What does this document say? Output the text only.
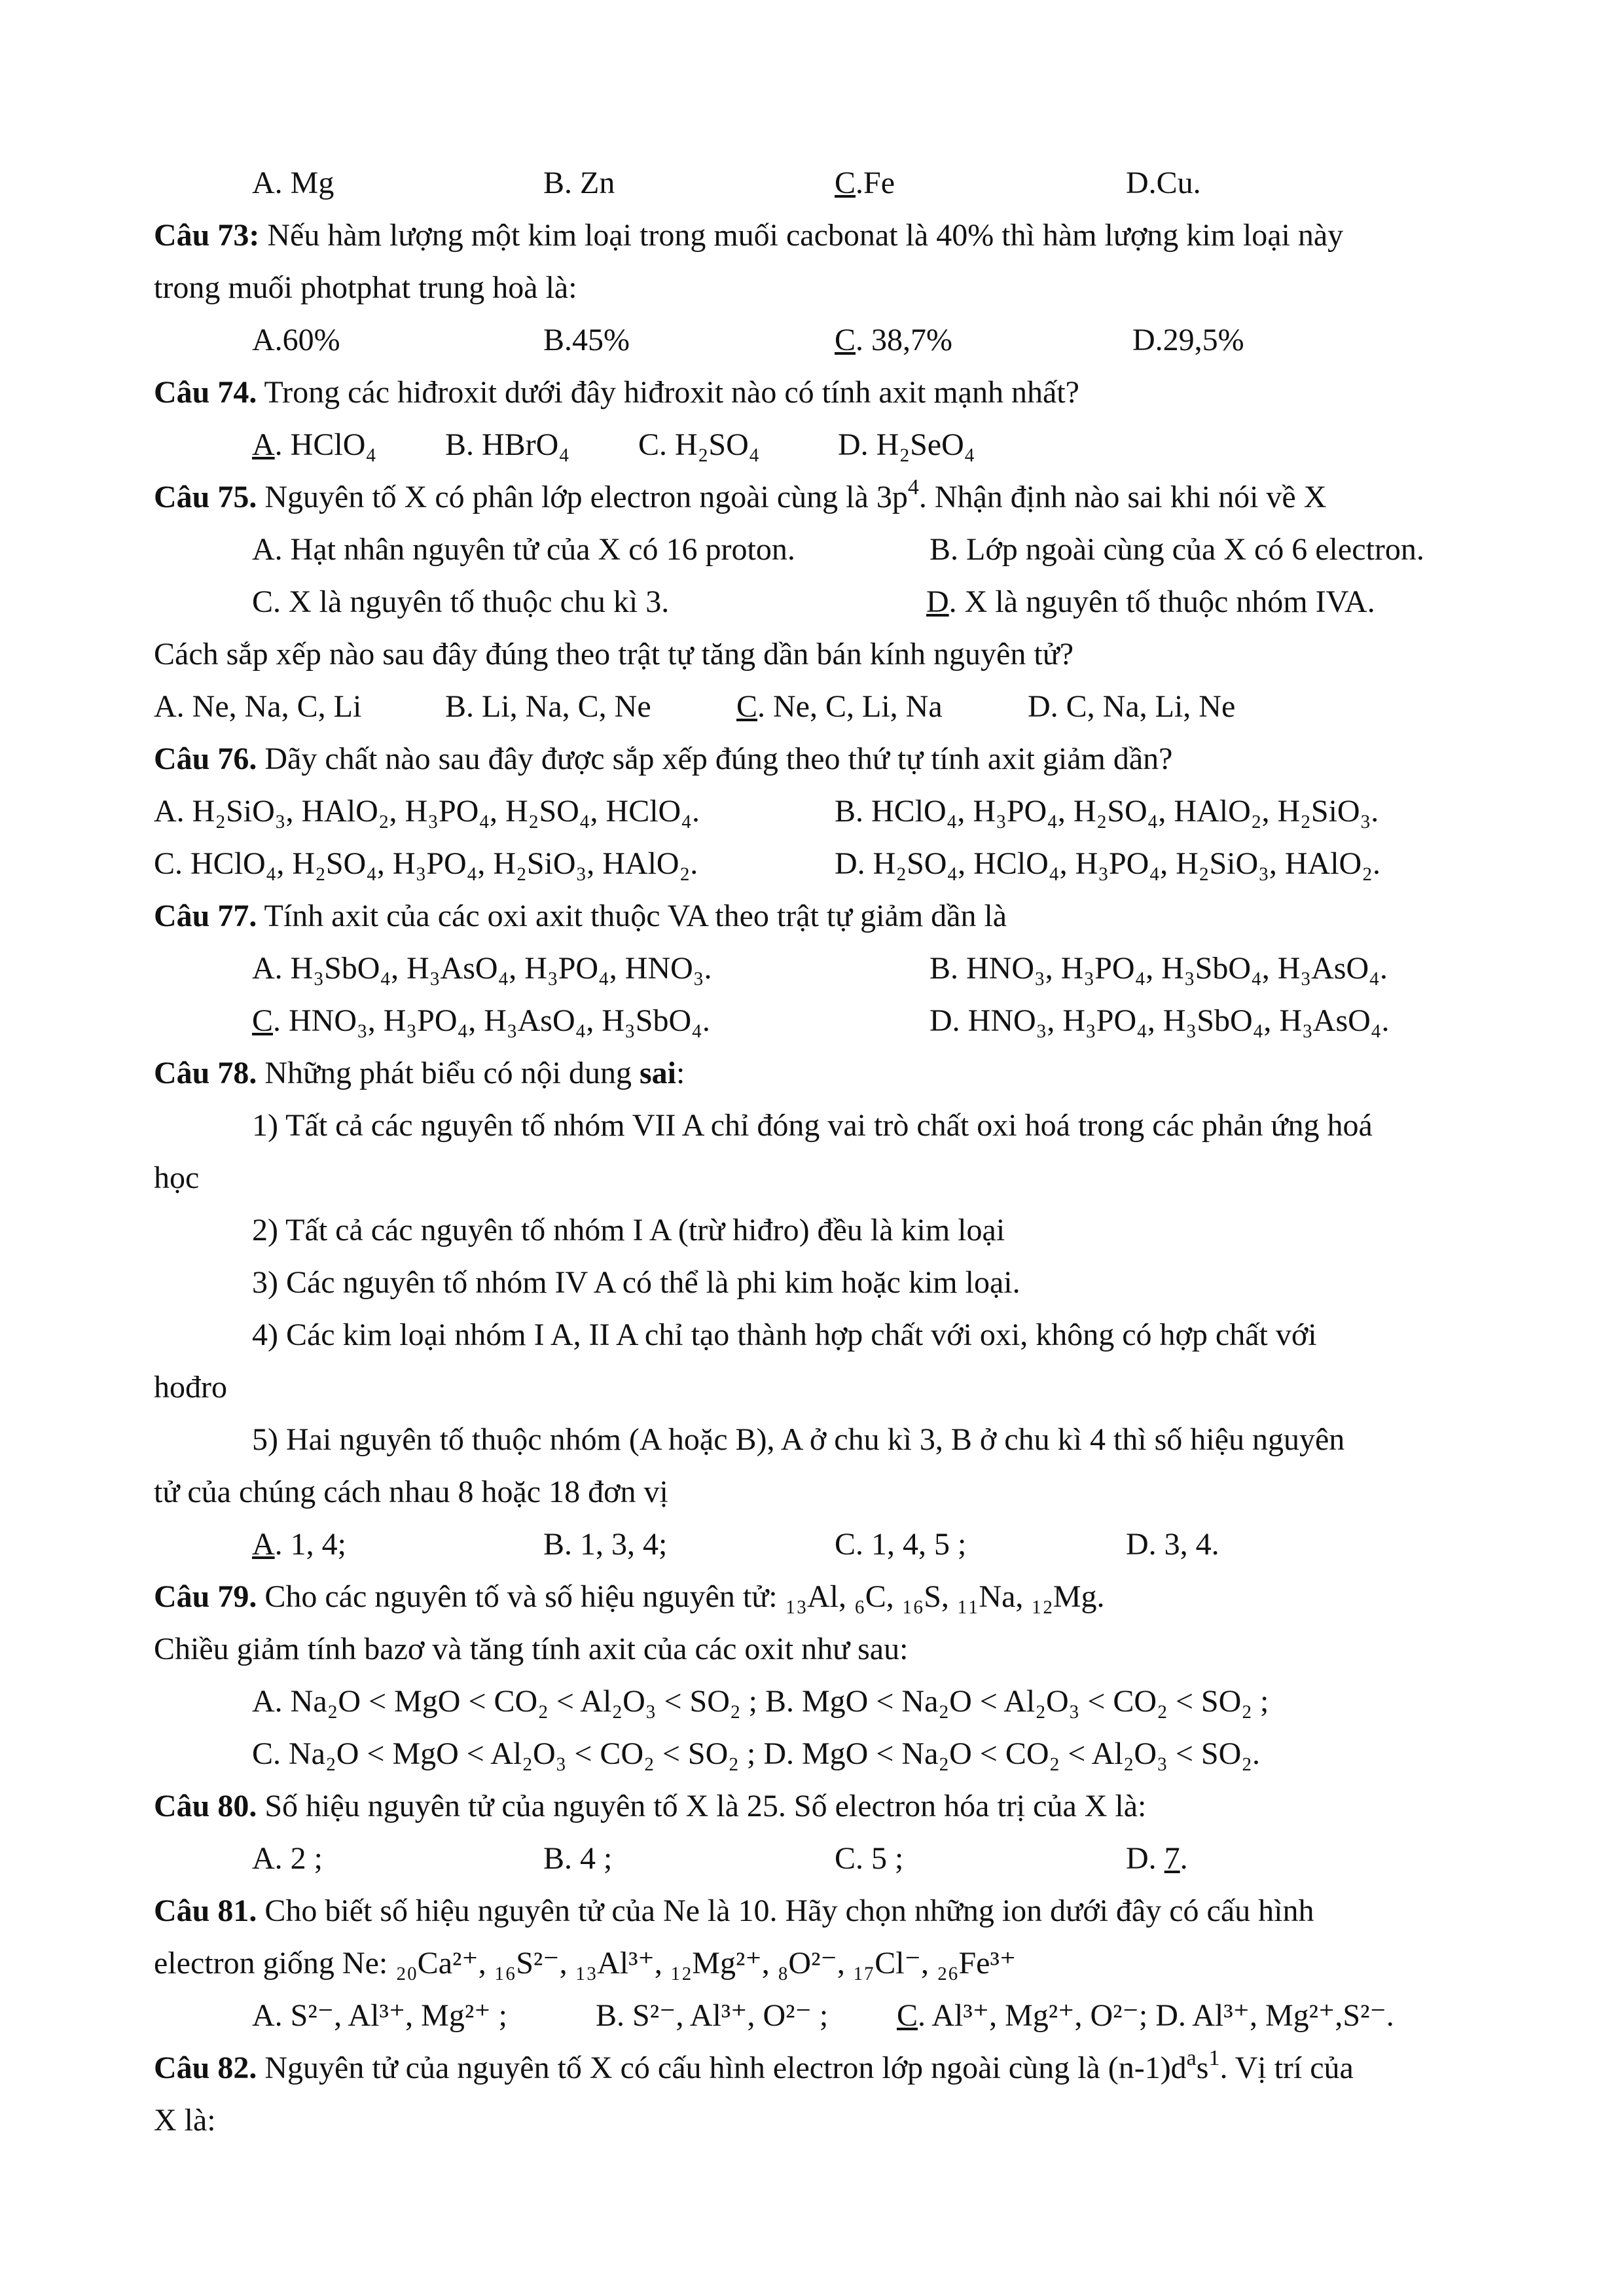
A. Mg	B. Zn	C.Fe	D.Cu.
Câu 73: Nếu hàm lượng một kim loại trong muối cacbonat là 40% thì hàm lượng kim loại này
trong muối photphat trung hoà là:
A.60%	B.45%	C. 38,7%	D.29,5%
Câu 74. Trong các hiđroxit dưới đây hiđroxit nào có tính axit mạnh nhất?
A. HClO₄ B. HBrO₄ C. H₂SO₄ D. H₂SeO₄
Câu 75. Nguyên tố X có phân lớp electron ngoài cùng là $3p^4$. Nhận định nào sai khi nói về X
A. Hạt nhân nguyên tử của X có 16 proton.	B. Lớp ngoài cùng của X có 6 electron.
C. X là nguyên tố thuộc chu kì 3.	D. X là nguyên tố thuộc nhóm IVA.
Cách sắp xếp nào sau đây đúng theo trật tự tăng dần bán kính nguyên tử?
A. Ne, Na, C, Li	B. Li, Na, C, Ne	C. Ne, C, Li, Na	D. C, Na, Li, Ne
Câu 76. Dãy chất nào sau đây được sắp xếp đúng theo thứ tự tính axit giảm dần?
A. H₂SiO₃, HAlO₂, H₃PO₄, H₂SO₄, HClO₄.	B. HClO₄, H₃PO₄, H₂SO₄, HAlO₂, H₂SiO₃.
C. HClO₄, H₂SO₄, H₃PO₄, H₂SiO₃, HAlO₂.	D. H₂SO₄, HClO₄, H₃PO₄, H₂SiO₃, HAlO₂.
Câu 77. Tính axit của các oxi axit thuộc VA theo trật tự giảm dần là
A. H₃SbO₄, H₃AsO₄, H₃PO₄, HNO₃.	B. HNO₃, H₃PO₄, H₃SbO₄, H₃AsO₄.
C. HNO₃, H₃PO₄, H₃AsO₄, H₃SbO₄.	D. HNO₃, H₃PO₄, H₃SbO₄, H₃AsO₄.
Câu 78. Những phát biểu có nội dung sai:
1) Tất cả các nguyên tố nhóm VII A chỉ đóng vai trò chất oxi hoá trong các phản ứng hoá
học
2) Tất cả các nguyên tố nhóm I A (trừ hiđro) đều là kim loại
3) Các nguyên tố nhóm IV A có thể là phi kim hoặc kim loại.
4) Các kim loại nhóm I A, II A chỉ tạo thành hợp chất với oxi, không có hợp chất với
hođro
5) Hai nguyên tố thuộc nhóm (A hoặc B), A ở chu kì 3, B ở chu kì 4 thì số hiệu nguyên
tử của chúng cách nhau 8 hoặc 18 đơn vị
A. 1, 4;	B. 1, 3, 4;	C. 1, 4, 5 ;	D. 3, 4.
Câu 79. Cho các nguyên tố và số hiệu nguyên tử: ₁₃Al, ₆C, ₁₆S, ₁₁Na, ₁₂Mg.
Chiều giảm tính bazơ và tăng tính axit của các oxit như sau:
A. Na₂O < MgO < CO₂ < Al₂O₃ < SO₂ ; B. MgO < Na₂O < Al₂O₃ < CO₂ < SO₂ ;
C. Na₂O < MgO < Al₂O₃ < CO₂ < SO₂ ; D. MgO < Na₂O < CO₂ < Al₂O₃ < SO₂.
Câu 80. Số hiệu nguyên tử của nguyên tố X là 25. Số electron hóa trị của X là:
A. 2 ;	B. 4 ;	C. 5 ;	D. 7.
Câu 81. Cho biết số hiệu nguyên tử của Ne là 10. Hãy chọn những ion dưới đây có cấu hình
electron giống Ne: ₂₀Ca²⁺, ₁₆S²⁻, ₁₃Al³⁺, ₁₂Mg²⁺, ₈O²⁻, ₁₇Cl⁻, ₂₆Fe³⁺
A. S²⁻, Al³⁺, Mg²⁺ ;	B. S²⁻, Al³⁺, O²⁻ ; C. Al³⁺, Mg²⁺, O²⁻; D. Al³⁺, Mg²⁺,S²⁻.
Câu 82. Nguyên tử của nguyên tố X có cấu hình electron lớp ngoài cùng là $(n-1)d^as^1$. Vị trí của
X là:
